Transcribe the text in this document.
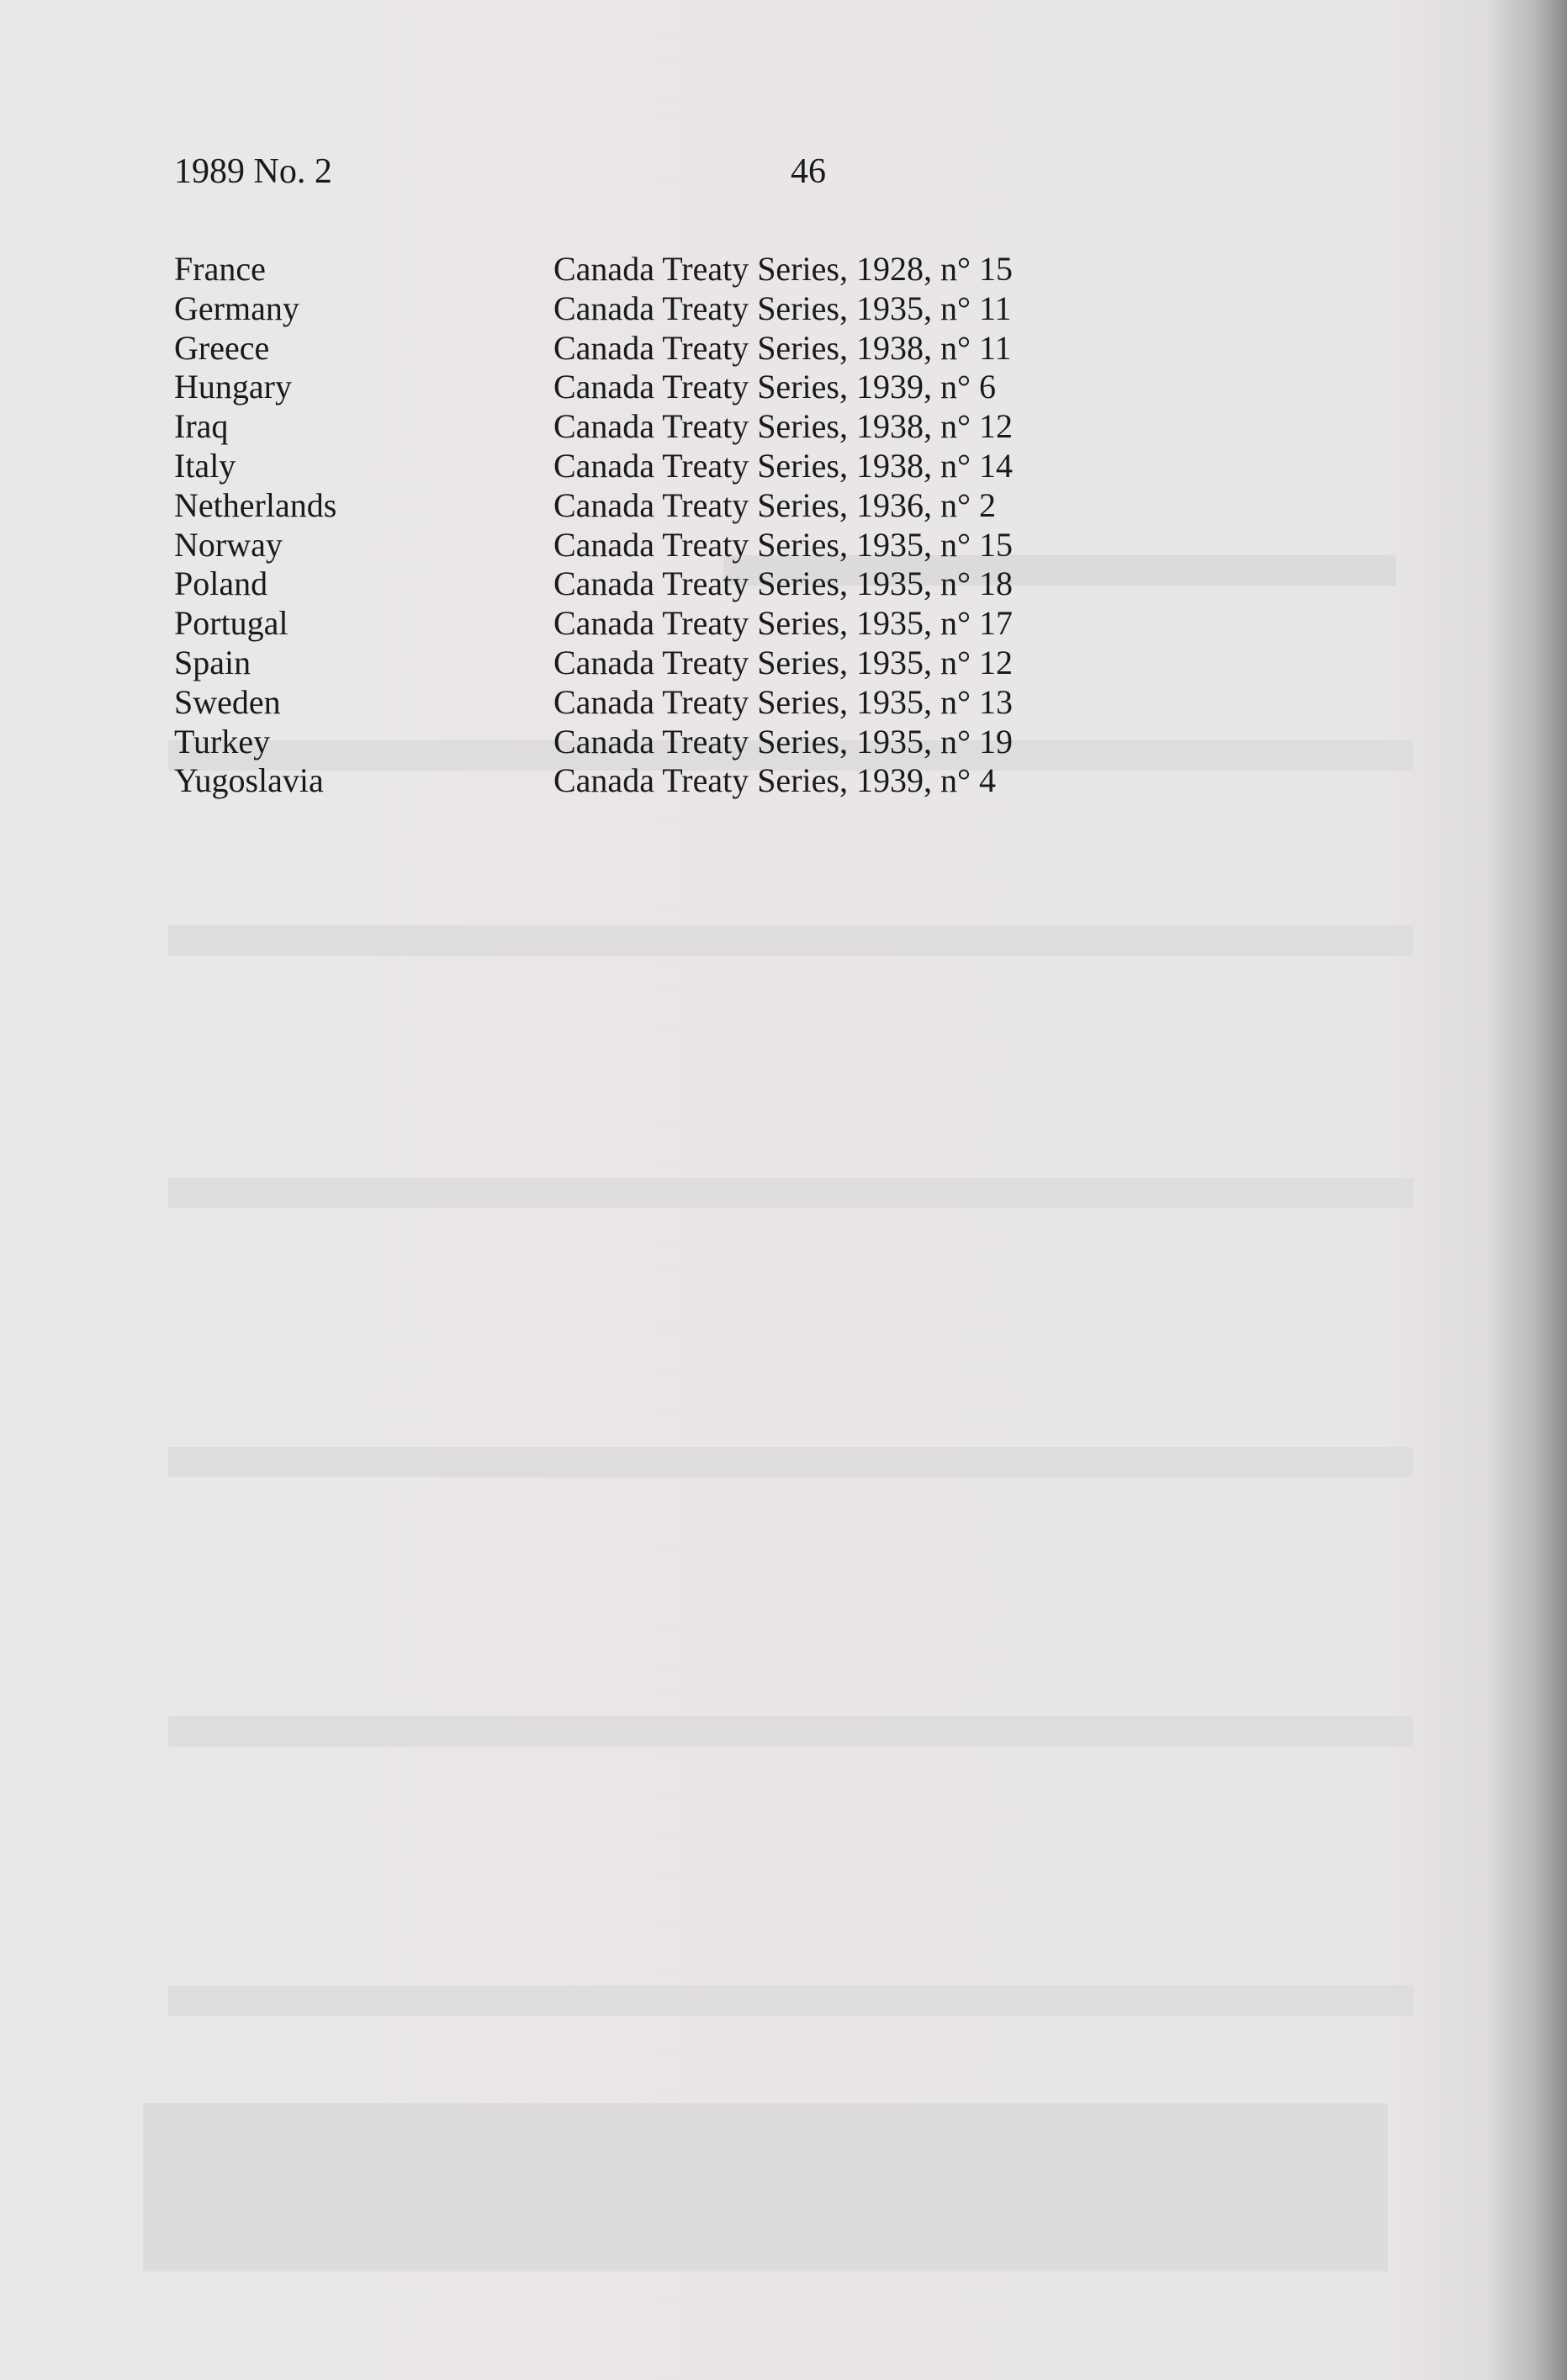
1989 No. 2	46
France	Canada Treaty Series, 1928, n° 15
Germany	Canada Treaty Series, 1935, n° 11
Greece	Canada Treaty Series, 1938, n° 11
Hungary	Canada Treaty Series, 1939, n° 6
Iraq	Canada Treaty Series, 1938, n° 12
Italy	Canada Treaty Series, 1938, n° 14
Netherlands	Canada Treaty Series, 1936, n° 2
Norway	Canada Treaty Series, 1935, n° 15
Poland	Canada Treaty Series, 1935, n° 18
Portugal	Canada Treaty Series, 1935, n° 17
Spain	Canada Treaty Series, 1935, n° 12
Sweden	Canada Treaty Series, 1935, n° 13
Turkey	Canada Treaty Series, 1935, n° 19
Yugoslavia	Canada Treaty Series, 1939, n° 4
